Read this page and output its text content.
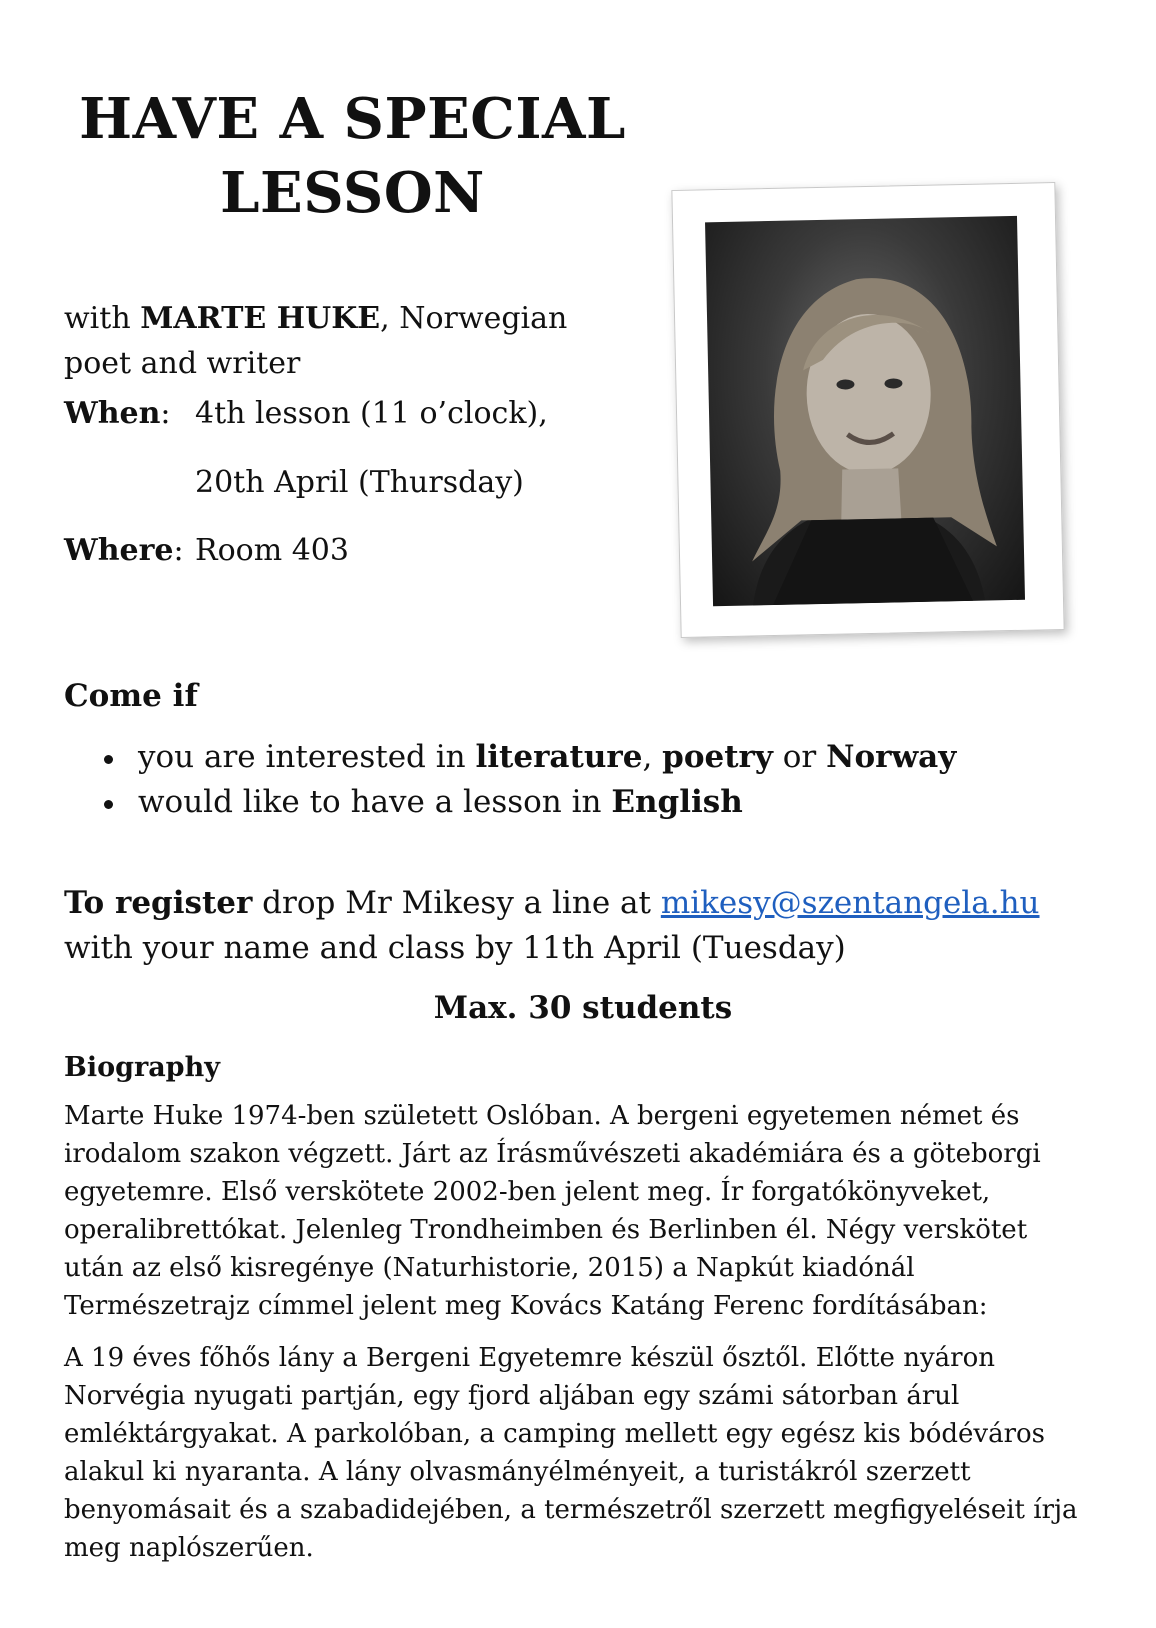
HAVE A SPECIAL
LESSON

with MARTE HUKE, Norwegian
poet and writer

When: 4th lesson (11 o’clock),
20th April (Thursday)
Where: Room 403
Come if
you are interested in literature, poetry or Norway
would like to have a lesson in English

To register drop Mr Mikesy a line at mikesy@szentangela.hu
with your name and class by 11th April (Tuesday)

Max. 30 students

Biography

Marte Huke 1974-ben született Oslóban. A bergeni egyetemen német és
irodalom szakon végzett. Járt az Írásművészeti akadémiára és a göteborgi
egyetemre. Első verskötete 2002-ben jelent meg. Ír forgatókönyveket,
operalibrettókat. Jelenleg Trondheimben és Berlinben él. Négy verskötet
után az első kisregénye (Naturhistorie, 2015) a Napkút kiadónál
Természetrajz címmel jelent meg Kovács Katáng Ferenc fordításában:

A 19 éves főhős lány a Bergeni Egyetemre készül ősztől. Előtte nyáron
Norvégia nyugati partján, egy fjord aljában egy számi sátorban árul
emléktárgyakat. A parkolóban, a camping mellett egy egész kis bódéváros
alakul ki nyaranta. A lány olvasmányélményeit, a turistákról szerzett
benyomásait és a szabadidejében, a természetről szerzett megfigyeléseit írja
meg naplószerűen.
